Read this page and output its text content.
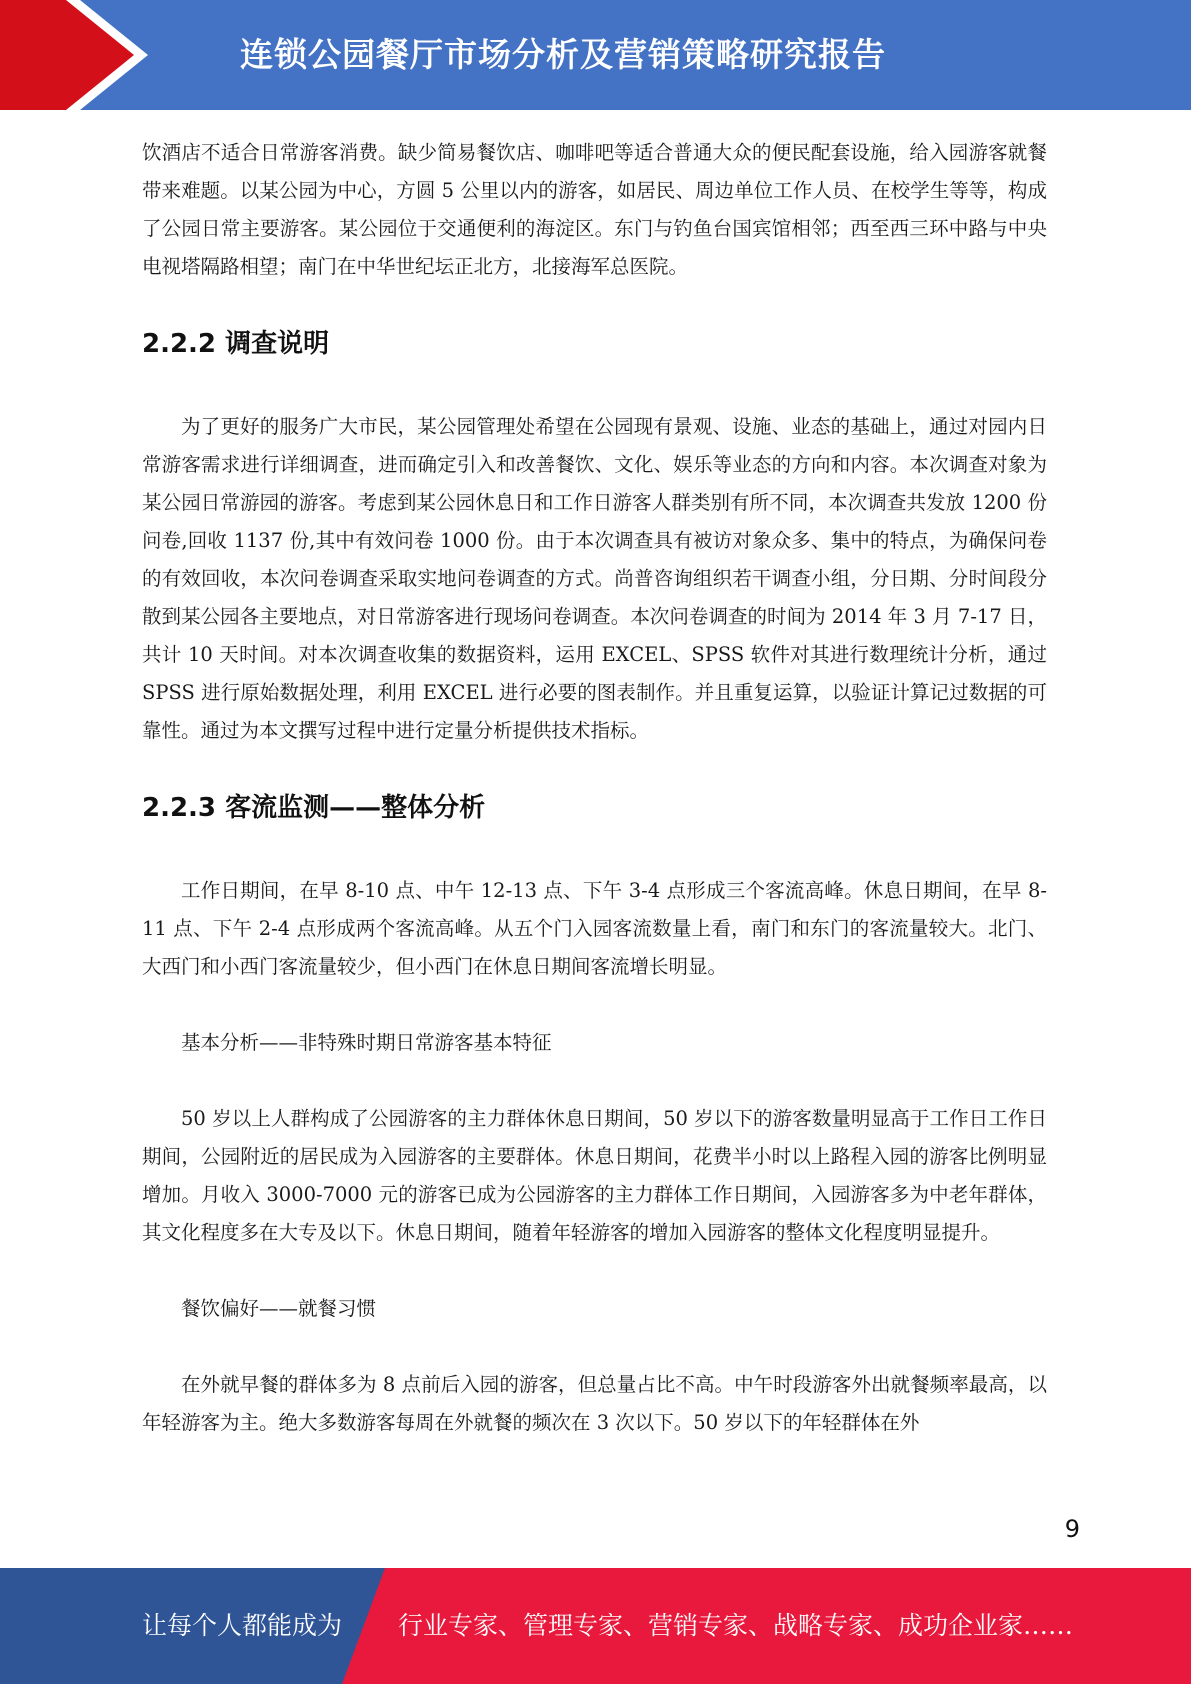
连锁公园餐厅市场分析及营销策略研究报告

饮酒店不适合日常游客消费。缺少简易餐饮店、咖啡吧等适合普通大众的便民配套设施，给入园游客就餐带来难题。以某公园为中心，方圆 5 公里以内的游客，如居民、周边单位工作人员、在校学生等等，构成了公园日常主要游客。某公园位于交通便利的海淀区。东门与钓鱼台国宾馆相邻；西至西三环中路与中央电视塔隔路相望；南门在中华世纪坛正北方，北接海军总医院。

2.2.2 调查说明

为了更好的服务广大市民，某公园管理处希望在公园现有景观、设施、业态的基础上，通过对园内日常游客需求进行详细调查，进而确定引入和改善餐饮、文化、娱乐等业态的方向和内容。本次调查对象为某公园日常游园的游客。考虑到某公园休息日和工作日游客人群类别有所不同，本次调查共发放 1200 份问卷,回收 1137 份,其中有效问卷 1000 份。由于本次调查具有被访对象众多、集中的特点，为确保问卷的有效回收，本次问卷调查采取实地问卷调查的方式。尚普咨询组织若干调查小组，分日期、分时间段分散到某公园各主要地点，对日常游客进行现场问卷调查。本次问卷调查的时间为 2014 年 3 月 7-17 日，共计 10 天时间。对本次调查收集的数据资料，运用 EXCEL、SPSS 软件对其进行数理统计分析，通过 SPSS 进行原始数据处理，利用 EXCEL 进行必要的图表制作。并且重复运算，以验证计算记过数据的可靠性。通过为本文撰写过程中进行定量分析提供技术指标。

2.2.3 客流监测——整体分析

工作日期间，在早 8-10 点、中午 12-13 点、下午 3-4 点形成三个客流高峰。休息日期间，在早 8-11 点、下午 2-4 点形成两个客流高峰。从五个门入园客流数量上看，南门和东门的客流量较大。北门、大西门和小西门客流量较少，但小西门在休息日期间客流增长明显。

基本分析——非特殊时期日常游客基本特征

50 岁以上人群构成了公园游客的主力群体休息日期间，50 岁以下的游客数量明显高于工作日工作日期间，公园附近的居民成为入园游客的主要群体。休息日期间，花费半小时以上路程入园的游客比例明显增加。月收入 3000-7000 元的游客已成为公园游客的主力群体工作日期间，入园游客多为中老年群体，其文化程度多在大专及以下。休息日期间，随着年轻游客的增加入园游客的整体文化程度明显提升。

餐饮偏好——就餐习惯

在外就早餐的群体多为 8 点前后入园的游客，但总量占比不高。中午时段游客外出就餐频率最高，以年轻游客为主。绝大多数游客每周在外就餐的频次在 3 次以下。50 岁以下的年轻群体在外

9
让每个人都能成为 行业专家、管理专家、营销专家、战略专家、成功企业家……
